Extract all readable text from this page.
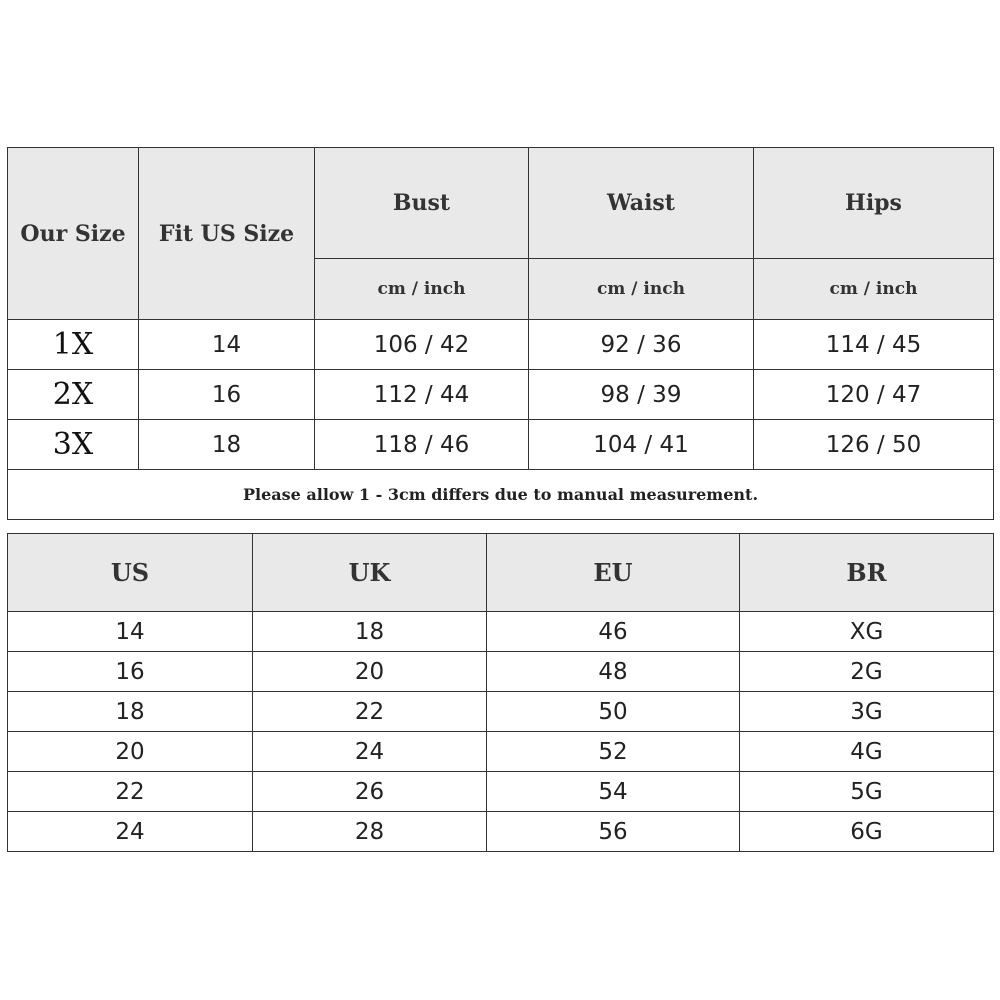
Our Size	Fit US Size	Bust	Waist	Hips
		cm / inch	cm / inch	cm / inch
1X	14	106 / 42	92 / 36	114 / 45
2X	16	112 / 44	98 / 39	120 / 47
3X	18	118 / 46	104 / 41	126 / 50
Please allow 1 - 3cm differs due to manual measurement.				
US	UK	EU	BR
14	18	46	XG
16	20	48	2G
18	22	50	3G
20	24	52	4G
22	26	54	5G
24	28	56	6G
